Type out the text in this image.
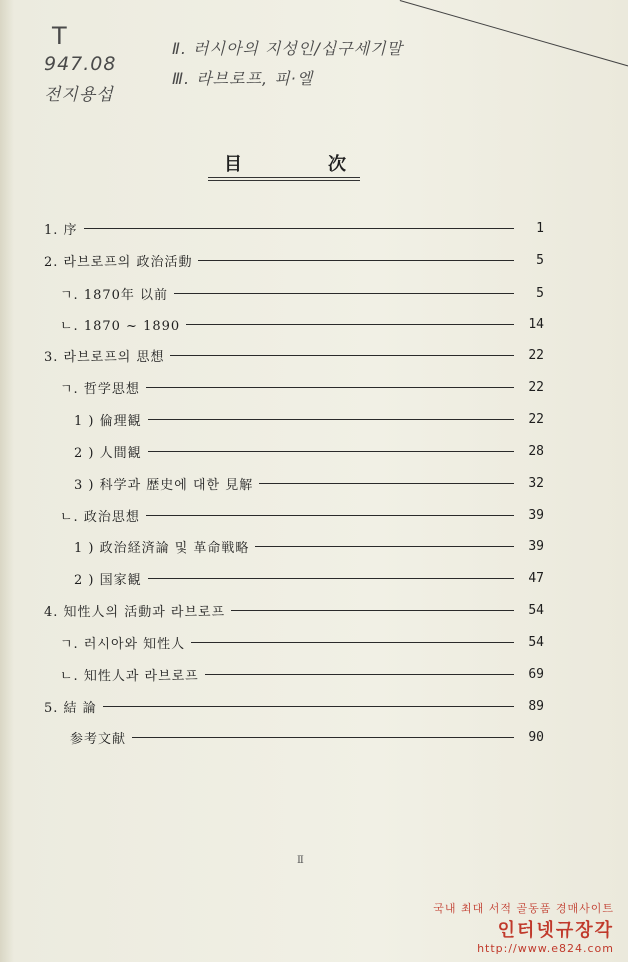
T
947.08
전지용섭
Ⅱ. 러시아의 지성인/십구세기말
Ⅲ. 라브로프, 피·엘
目	次
1. 序	1
2. 라브로프의 政治活動	5
ㄱ. 1870年 以前	5
ㄴ. 1870 ~ 1890	14
3. 라브로프의 思想	22
ㄱ. 哲学思想	22
1 ) 倫理観	22
2 ) 人間観	28
3 ) 科学과 歴史에 대한 見解	32
ㄴ. 政治思想	39
1 ) 政治経済論 및 革命戦略	39
2 ) 国家観	47
4. 知性人의 活動과 라브로프	54
ㄱ. 러시아와 知性人	54
ㄴ. 知性人과 라브로프	69
5. 結 論	89
参考文献	90
Ⅱ
국내 최대 서적 골동품 경매사이트
인터넷규장각
http://www.e824.com
